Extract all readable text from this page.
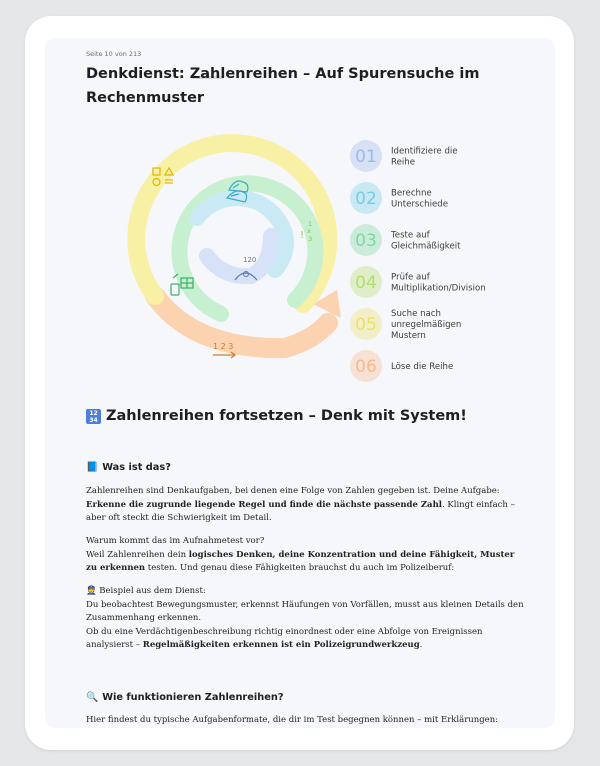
Seite 10 von 213
Denkdienst: Zahlenreihen – Auf Spurensuche im
Rechenmuster
120
!
1
x
3
1 2 3
01 Identifiziere die
Reihe
02 Berechne
Unterschiede
03 Teste auf
Gleichmäßigkeit
04 Prüfe auf
Multiplikation/Division
05
Suche nach
unregelmäßigen
Mustern
06 Löse die Reihe
12
34 Zahlenreihen fortsetzen – Denk mit System!
📘 Was ist das?
Zahlenreihen sind Denkaufgaben, bei denen eine Folge von Zahlen gegeben ist. Deine Aufgabe: Erkenne die zugrunde liegende Regel und finde die nächste passende Zahl. Klingt einfach – aber oft steckt die Schwierigkeit im Detail.
Warum kommt das im Aufnahmetest vor?
Weil Zahlenreihen dein logisches Denken, deine Konzentration und deine Fähigkeit, Muster zu erkennen testen. Und genau diese Fähigkeiten brauchst du auch im Polizeiberuf:
👮 Beispiel aus dem Dienst:
Du beobachtest Bewegungsmuster, erkennst Häufungen von Vorfällen, musst aus kleinen Details den Zusammenhang erkennen.
Ob du eine Verdächtigenbeschreibung richtig einordnest oder eine Abfolge von Ereignissen analysierst – Regelmäßigkeiten erkennen ist ein Polizeigrundwerkzeug.
🔍 Wie funktionieren Zahlenreihen?
Hier findest du typische Aufgabenformate, die dir im Test begegnen können – mit Erklärungen:
